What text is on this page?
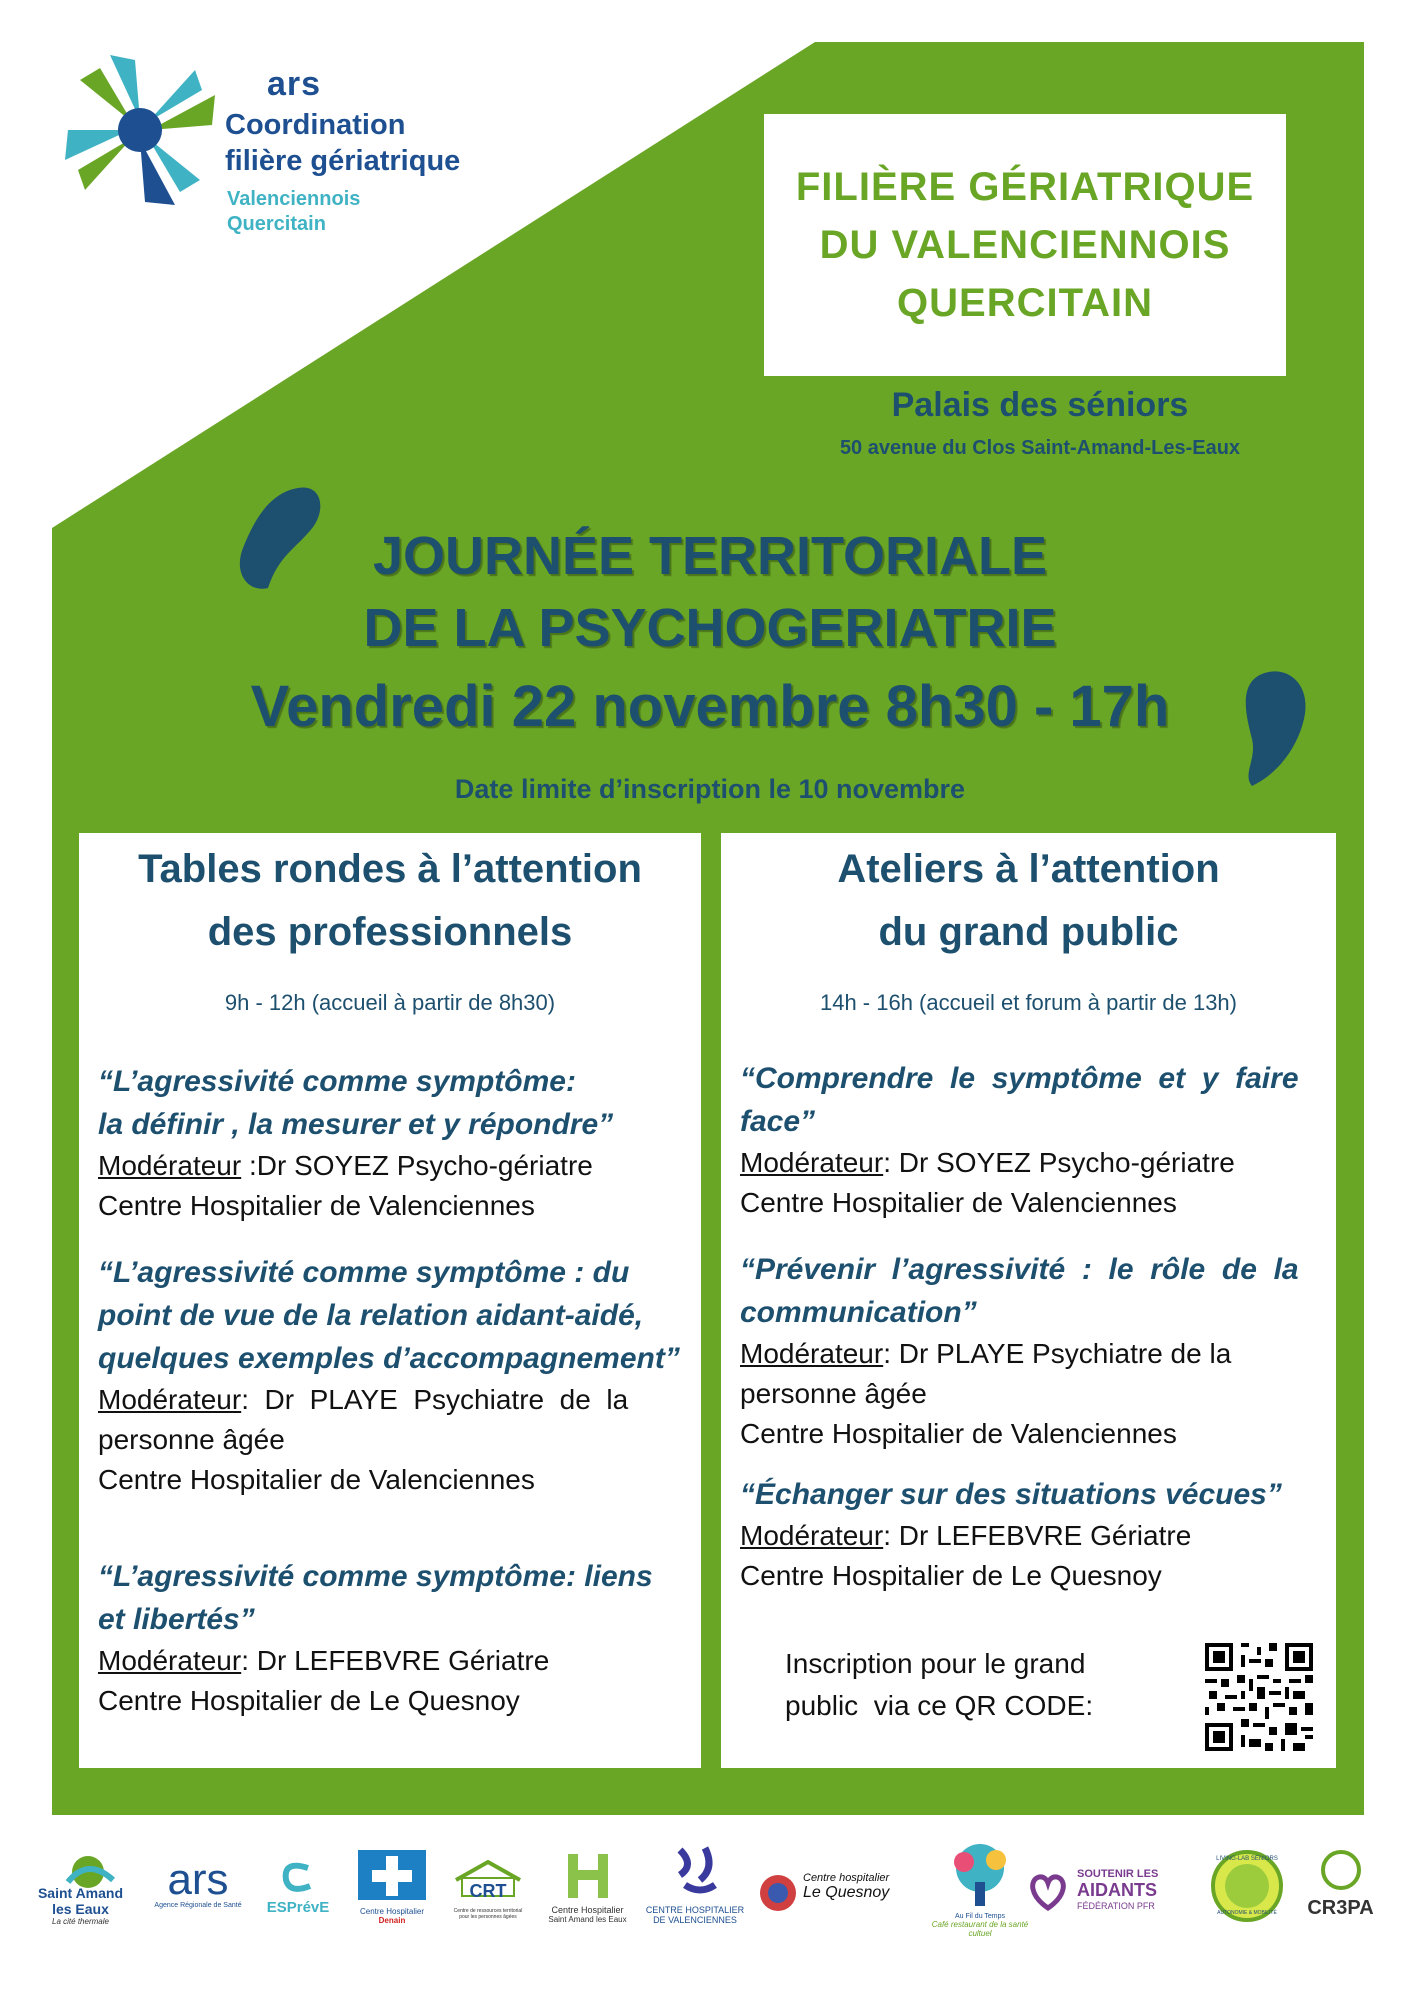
ars
Coordination
filière gériatrique
Valenciennois
Quercitain
FILIÈRE GÉRIATRIQUE
DU VALENCIENNOIS
QUERCITAIN
Palais des séniors
50 avenue du Clos Saint-Amand-Les-Eaux
JOURNÉE TERRITORIALE
DE LA PSYCHOGERIATRIE
Vendredi 22 novembre 8h30 - 17h
Date limite d’inscription le 10 novembre
Tables rondes à l’attention
des professionnels
9h - 12h (accueil à partir de 8h30)
“L’agressivité comme symptôme:
la définir , la mesurer et y répondre”
Modérateur :Dr SOYEZ Psycho-gériatre
Centre Hospitalier de Valenciennes
“L’agressivité comme symptôme : du
point de vue de la relation aidant-aidé,
quelques exemples d’accompagnement”
Modérateur:  Dr  PLAYE  Psychiatre  de  la
personne âgée
Centre Hospitalier de Valenciennes
“L’agressivité comme symptôme: liens
et libertés”
Modérateur: Dr LEFEBVRE Gériatre
Centre Hospitalier de Le Quesnoy
Ateliers à l’attention
du grand public
14h - 16h (accueil et forum à partir de 13h)
“Comprendre  le  symptôme  et  y  faire
face”
Modérateur: Dr SOYEZ Psycho-gériatre
Centre Hospitalier de Valenciennes
“Prévenir  l’agressivité  :  le  rôle  de  la
communication”
Modérateur: Dr PLAYE Psychiatre de la
personne âgée
Centre Hospitalier de Valenciennes
“Échanger sur des situations vécues”
Modérateur: Dr LEFEBVRE Gériatre
Centre Hospitalier de Le Quesnoy
Inscription pour le grand
public  via ce QR CODE:
Saint Amand les Eaux
La cité thermale
ars
Agence Régionale de Santé	ESPrévE	Centre Hospitalier
Denain
CRT
Centre de ressources territorial pour les personnes âgées
Centre Hospitalier
Saint Amand les Eaux
CENTRE HOSPITALIER
DE VALENCIENNES
Centre hospitalier
Le Quesnoy
Au Fil du Temps
Café restaurant de la santé cultuel
SOUTENIR LES
AIDANTS
FÉDÉRATION PFR
LIVING-LAB SENIORS
AUTONOMIE & MOBILITÉ	CR3PA
